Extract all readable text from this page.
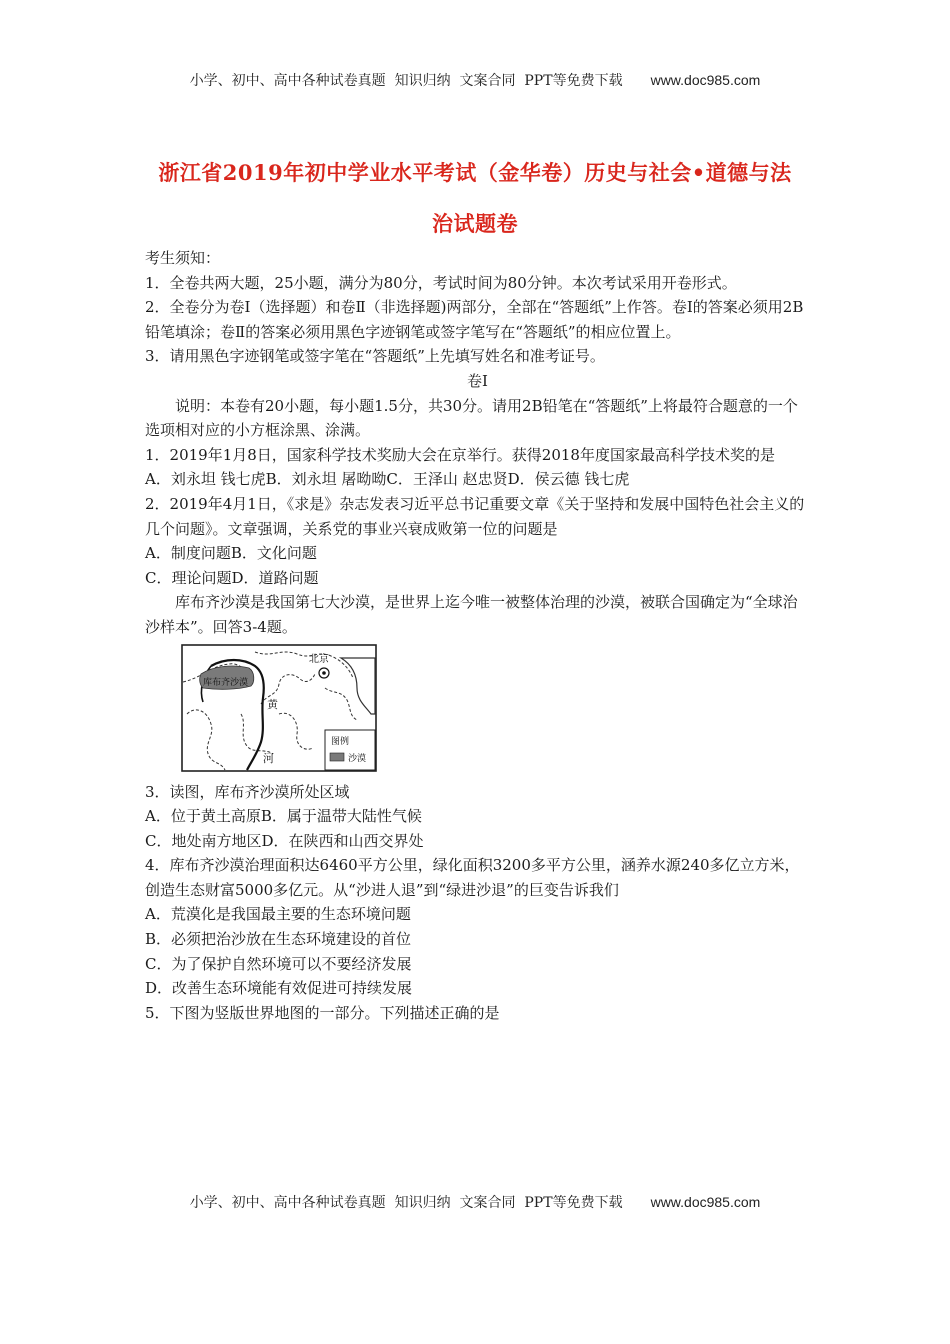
小学、初中、高中各种试卷真题  知识归纳  文案合同  PPT等免费下载 www.doc985.com
浙江省2019年初中学业水平考试（金华卷）历史与社会•道德与法
治试题卷

考生须知：

1．全卷共两大题，25小题，满分为80分，考试时间为80分钟。本次考试采用开卷形式。

2．全卷分为卷Ⅰ（选择题）和卷Ⅱ（非选择题)两部分，全部在“答题纸”上作答。卷Ⅰ的答案必须用2B铅笔填涂；卷Ⅱ的答案必须用黑色字迹钢笔或签字笔写在“答题纸”的相应位置上。

3．请用黑色字迹钢笔或签字笔在“答题纸”上先填写姓名和准考证号。

卷Ⅰ

说明：本卷有20小题，每小题1.5分，共30分。请用2B铅笔在“答题纸”上将最符合题意的一个选项相对应的小方框涂黑、涂满。

1．2019年1月8日，国家科学技术奖励大会在京举行。获得2018年度国家最高科学技术奖的是

A．刘永坦 钱七虎B．刘永坦 屠呦呦C．王泽山 赵忠贤D．侯云德 钱七虎

2．2019年4月1日，《求是》杂志发表习近平总书记重要文章《关于坚持和发展中国特色社会主义的几个问题》。文章强调，关系党的事业兴衰成败第一位的问题是

A．制度问题B．文化问题

C．理论问题D．道路问题

库布齐沙漠是我国第七大沙漠，是世界上迄今唯一被整体治理的沙漠，被联合国确定为“全球治沙样本”。回答3-4题。

库布齐沙漠
北京
黄
河
图例
沙漠

3．读图，库布齐沙漠所处区域

A．位于黄土高原B．属于温带大陆性气候

C．地处南方地区D．在陕西和山西交界处

4．库布齐沙漠治理面积达6460平方公里，绿化面积3200多平方公里，涵养水源240多亿立方米，创造生态财富5000多亿元。从“沙进人退”到“绿进沙退”的巨变告诉我们

A．荒漠化是我国最主要的生态环境问题

B．必须把治沙放在生态环境建设的首位

C．为了保护自然环境可以不要经济发展

D．改善生态环境能有效促进可持续发展

5．下图为竖版世界地图的一部分。下列描述正确的是

小学、初中、高中各种试卷真题  知识归纳  文案合同  PPT等免费下载 www.doc985.com
